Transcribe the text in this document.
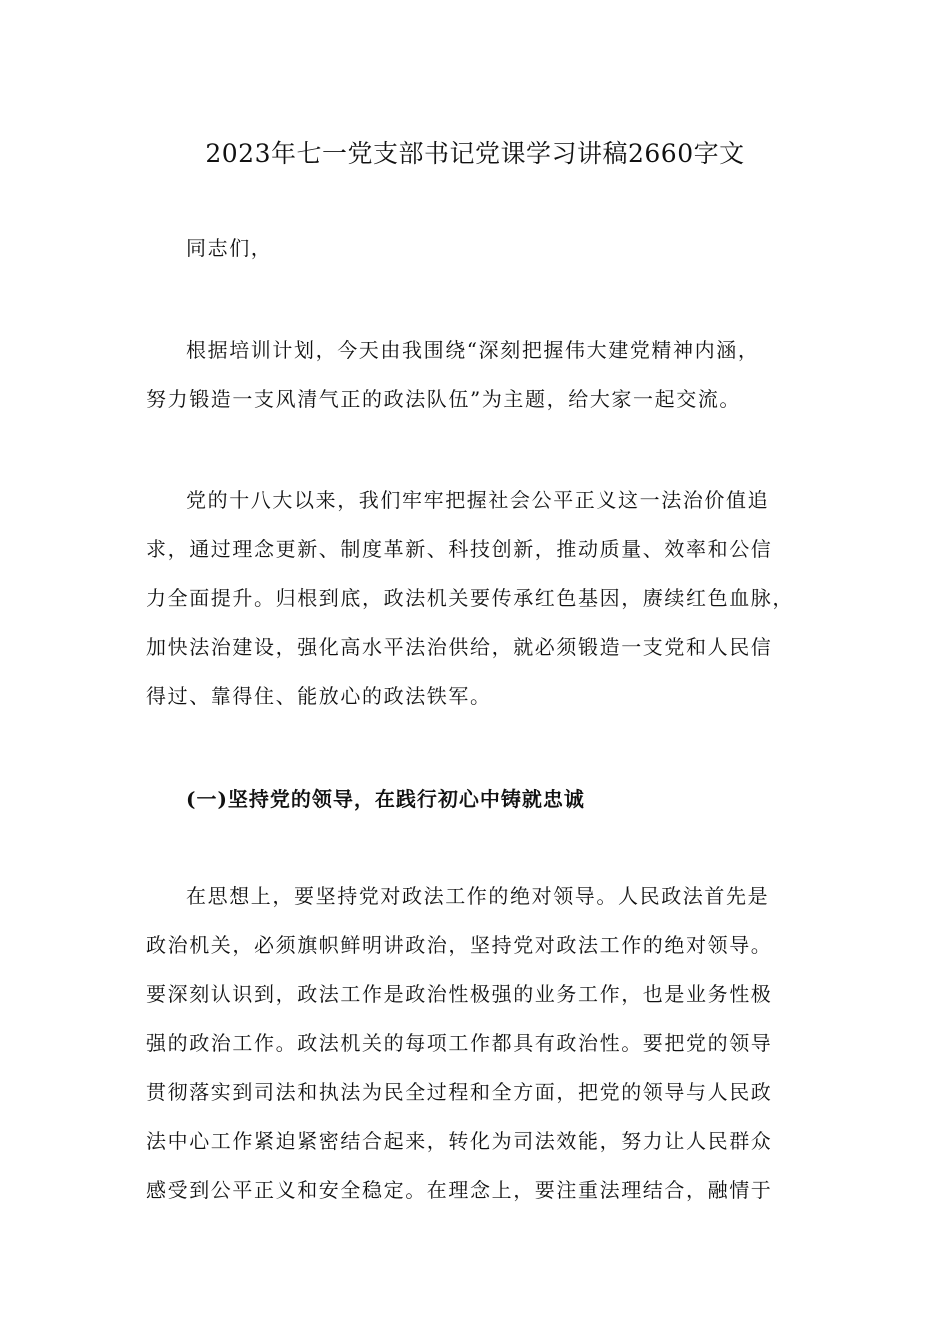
2023年七一党支部书记党课学习讲稿2660字文
同志们，
根据培训计划，今天由我围绕“深刻把握伟大建党精神内涵，
努力锻造一支风清气正的政法队伍”为主题，给大家一起交流。
党的十八大以来，我们牢牢把握社会公平正义这一法治价值追
求，通过理念更新、制度革新、科技创新，推动质量、效率和公信
力全面提升。归根到底，政法机关要传承红色基因，赓续红色血脉，
加快法治建设，强化高水平法治供给，就必须锻造一支党和人民信
得过、靠得住、能放心的政法铁军。
(一)坚持党的领导，在践行初心中铸就忠诚
在思想上，要坚持党对政法工作的绝对领导。人民政法首先是
政治机关，必须旗帜鲜明讲政治，坚持党对政法工作的绝对领导。
要深刻认识到，政法工作是政治性极强的业务工作，也是业务性极
强的政治工作。政法机关的每项工作都具有政治性。要把党的领导
贯彻落实到司法和执法为民全过程和全方面，把党的领导与人民政
法中心工作紧迫紧密结合起来，转化为司法效能，努力让人民群众
感受到公平正义和安全稳定。在理念上，要注重法理结合，融情于
